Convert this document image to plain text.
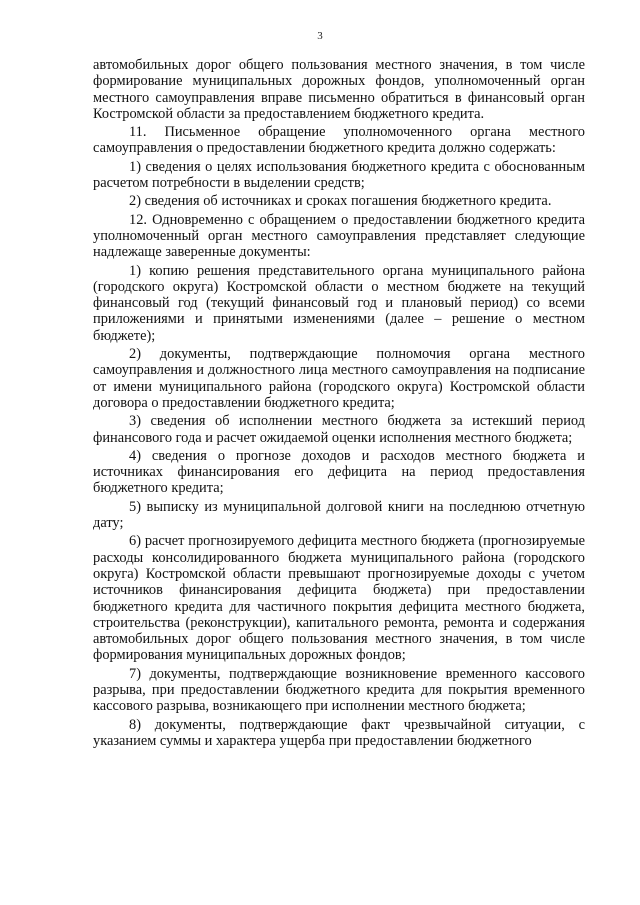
3

автомобильных дорог общего пользования местного значения, в том числе формирование муниципальных дорожных фондов, уполномоченный орган местного самоуправления вправе письменно обратиться в финансовый орган Костромской области за предоставлением бюджетного кредита.

11. Письменное обращение уполномоченного органа местного самоуправления о предоставлении бюджетного кредита должно содержать:

1) сведения о целях использования бюджетного кредита с обоснованным расчетом потребности в выделении средств;

2) сведения об источниках и сроках погашения бюджетного кредита.

12. Одновременно с обращением о предоставлении бюджетного кредита уполномоченный орган местного самоуправления представляет следующие надлежаще заверенные документы:

1) копию решения представительного органа муниципального района (городского округа) Костромской области о местном бюджете на текущий финансовый год (текущий финансовый год и плановый период) со всеми приложениями и принятыми изменениями (далее – решение о местном бюджете);

2) документы, подтверждающие полномочия органа местного самоуправления и должностного лица местного самоуправления на подписание от имени муниципального района (городского округа) Костромской области договора о предоставлении бюджетного кредита;

3) сведения об исполнении местного бюджета за истекший период финансового года и расчет ожидаемой оценки исполнения местного бюджета;

4) сведения о прогнозе доходов и расходов местного бюджета и источниках финансирования его дефицита на период предоставления бюджетного кредита;

5) выписку из муниципальной долговой книги на последнюю отчетную дату;

6) расчет прогнозируемого дефицита местного бюджета (прогнозируемые расходы консолидированного бюджета муниципального района (городского округа) Костромской области превышают прогнозируемые доходы с учетом источников финансирования дефицита бюджета) при предоставлении бюджетного кредита для частичного покрытия дефицита местного бюджета, строительства (реконструкции), капитального ремонта, ремонта и содержания автомобильных дорог общего пользования местного значения, в том числе формирования муниципальных дорожных фондов;

7) документы, подтверждающие возникновение временного кассового разрыва, при предоставлении бюджетного кредита для покрытия временного кассового разрыва, возникающего при исполнении местного бюджета;

8) документы, подтверждающие факт чрезвычайной ситуации, с указанием суммы и характера ущерба при предоставлении бюджетного
